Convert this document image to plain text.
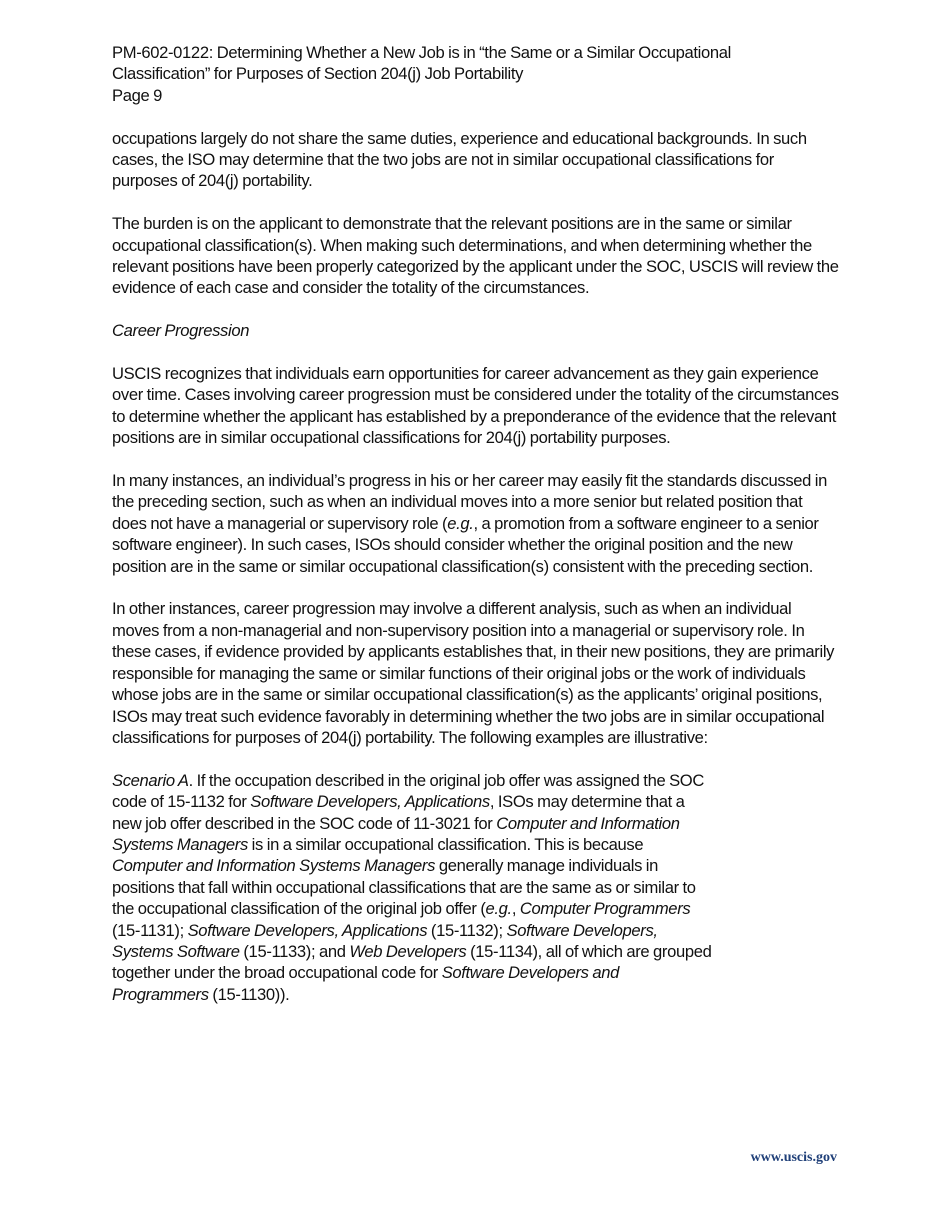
PM-602-0122: Determining Whether a New Job is in “the Same or a Similar Occupational

Classification” for Purposes of Section 204(j) Job Portability

Page 9

occupations largely do not share the same duties, experience and educational backgrounds. In such cases, the ISO may determine that the two jobs are not in similar occupational classifications for purposes of 204(j) portability.

The burden is on the applicant to demonstrate that the relevant positions are in the same or similar occupational classification(s). When making such determinations, and when determining whether the relevant positions have been properly categorized by the applicant under the SOC, USCIS will review the evidence of each case and consider the totality of the circumstances.

Career Progression

USCIS recognizes that individuals earn opportunities for career advancement as they gain experience over time. Cases involving career progression must be considered under the totality of the circumstances to determine whether the applicant has established by a preponderance of the evidence that the relevant positions are in similar occupational classifications for 204(j) portability purposes.

In many instances, an individual’s progress in his or her career may easily fit the standards discussed in the preceding section, such as when an individual moves into a more senior but related position that does not have a managerial or supervisory role (e.g., a promotion from a software engineer to a senior software engineer). In such cases, ISOs should consider whether the original position and the new position are in the same or similar occupational classification(s) consistent with the preceding section.

In other instances, career progression may involve a different analysis, such as when an individual moves from a non-managerial and non-supervisory position into a managerial or supervisory role. In these cases, if evidence provided by applicants establishes that, in their new positions, they are primarily responsible for managing the same or similar functions of their original jobs or the work of individuals whose jobs are in the same or similar occupational classification(s) as the applicants’ original positions, ISOs may treat such evidence favorably in determining whether the two jobs are in similar occupational classifications for purposes of 204(j) portability. The following examples are illustrative:

Scenario A. If the occupation described in the original job offer was assigned the SOC code of 15-1132 for Software Developers, Applications, ISOs may determine that a new job offer described in the SOC code of 11-3021 for Computer and Information Systems Managers is in a similar occupational classification. This is because Computer and Information Systems Managers generally manage individuals in positions that fall within occupational classifications that are the same as or similar to the occupational classification of the original job offer (e.g., Computer Programmers (15-1131); Software Developers, Applications (15-1132); Software Developers, Systems Software (15-1133); and Web Developers (15-1134), all of which are grouped together under the broad occupational code for Software Developers and Programmers (15-1130)).

www.uscis.gov
